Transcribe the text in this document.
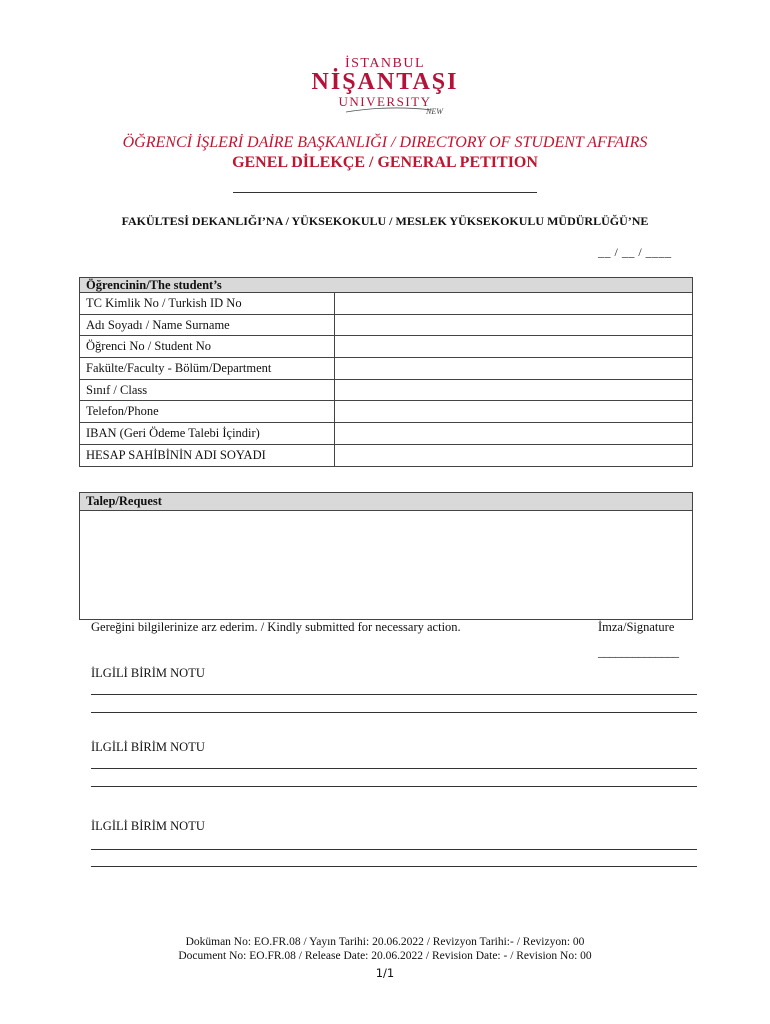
İSTANBUL
NİŞANTAŞI
UNIVERSITY
NEW
ÖĞRENCİ İŞLERİ DAİRE BAŞKANLIĞI / DIRECTORY OF STUDENT AFFAIRS
GENEL DİLEKÇE / GENERAL PETITION
FAKÜLTESİ DEKANLIĞI’NA / YÜKSEKOKULU / MESLEK YÜKSEKOKULU MÜDÜRLÜĞÜ’NE
__ / __ / ____
Öğrencinin/The student’s	
TC Kimlik No / Turkish ID No	
Adı Soyadı / Name Surname	
Öğrenci No / Student No	
Fakülte/Faculty - Bölüm/Department	
Sınıf / Class	
Telefon/Phone	
IBAN (Geri Ödeme Talebi İçindir)	
HESAP SAHİBİNİN ADI SOYADI	
Talep/Request
Gereğini bilgilerinize arz ederim. / Kindly submitted for necessary action.	İmza/Signature
______________
İLGİLİ BİRİM NOTU
İLGİLİ BİRİM NOTU
İLGİLİ BİRİM NOTU
Doküman No: EO.FR.08 / Yayın Tarihi: 20.06.2022 / Revizyon Tarihi:- / Revizyon: 00
Document No: EO.FR.08 / Release Date: 20.06.2022 / Revision Date: - / Revision No: 00
1/1
